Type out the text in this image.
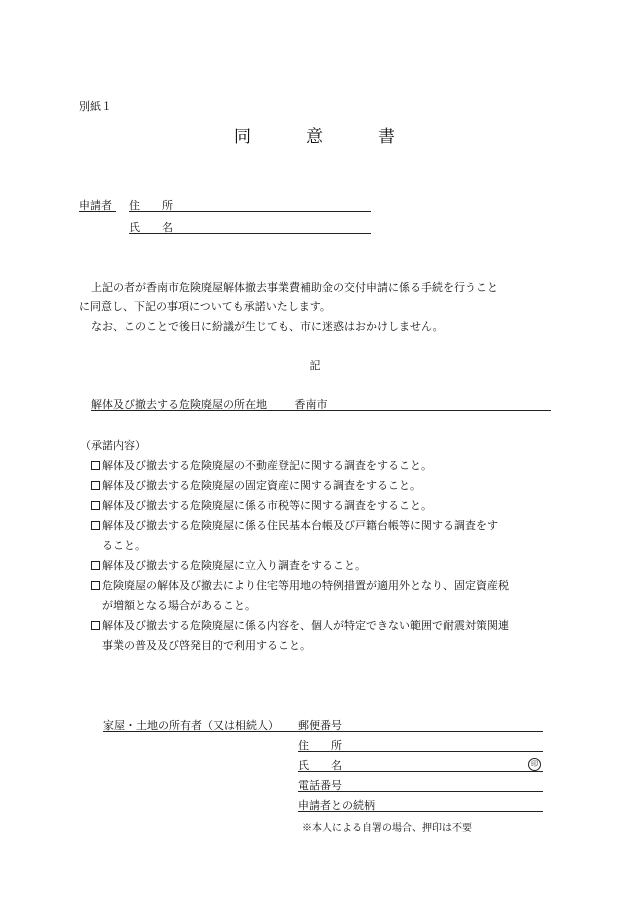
別紙１
同　　　意　　　書
申請者 住　　所
氏　　名
上記の者が香南市危険廃屋解体撤去事業費補助金の交付申請に係る手続を行うこと
に同意し、下記の事項についても承諾いたします。
なお、このことで後日に紛議が生じても、市に迷惑はおかけしません。
記
解体及び撤去する危険廃屋の所在地	香南市
（承諾内容）
解体及び撤去する危険廃屋の不動産登記に関する調査をすること。
解体及び撤去する危険廃屋の固定資産に関する調査をすること。
解体及び撤去する危険廃屋に係る市税等に関する調査をすること。
解体及び撤去する危険廃屋に係る住民基本台帳及び戸籍台帳等に関する調査をす
ること。
解体及び撤去する危険廃屋に立入り調査をすること。
危険廃屋の解体及び撤去により住宅等用地の特例措置が適用外となり、固定資産税
が増額となる場合があること。
解体及び撤去する危険廃屋に係る内容を、個人が特定できない範囲で耐震対策関連
事業の普及及び啓発目的で利用すること。
家屋・土地の所有者（又は相続人） 郵便番号
住　　所
氏　　名	印
電話番号
申請者との続柄
※本人による自署の場合、押印は不要
